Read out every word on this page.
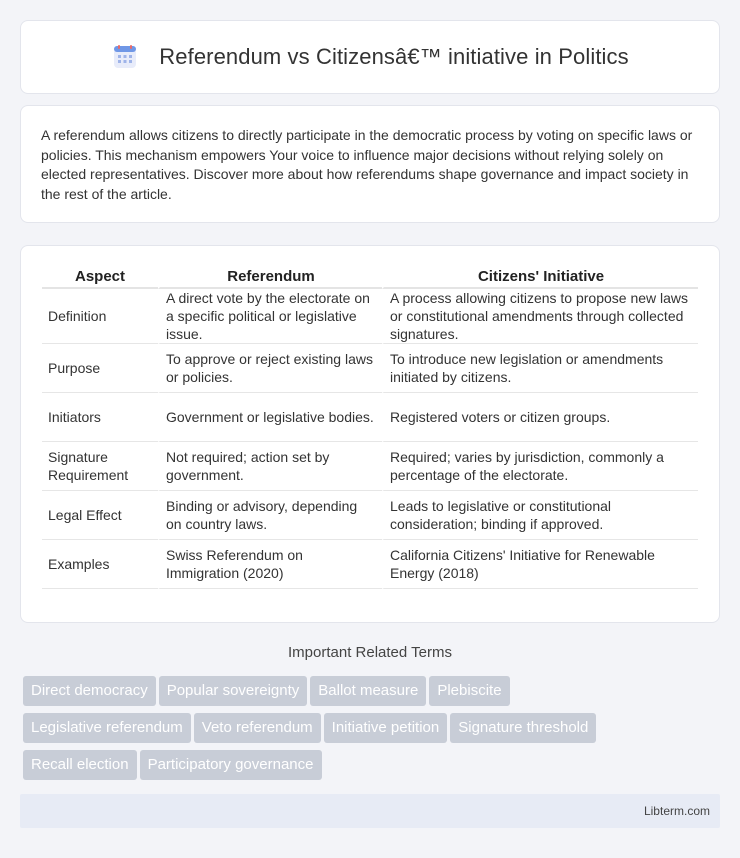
Referendum vs Citizensâ€™ initiative in Politics

A referendum allows citizens to directly participate in the democratic process by voting on specific laws or policies. This mechanism empowers Your voice to influence major decisions without relying solely on elected representatives. Discover more about how referendums shape governance and impact society in the rest of the article.

Aspect	Referendum	Citizens' Initiative
Definition	A direct vote by the electorate on a specific political or legislative issue.	A process allowing citizens to propose new laws or constitutional amendments through collected signatures.
Purpose	To approve or reject existing laws or policies.	To introduce new legislation or amendments initiated by citizens.
Initiators	Government or legislative bodies.	Registered voters or citizen groups.
Signature Requirement	Not required; action set by government.	Required; varies by jurisdiction, commonly a percentage of the electorate.
Legal Effect	Binding or advisory, depending on country laws.	Leads to legislative or constitutional consideration; binding if approved.
Examples	Swiss Referendum on Immigration (2020)	California Citizens' Initiative for Renewable Energy (2018)
Important Related Terms
Direct democracy Popular sovereignty Ballot measure Plebiscite
Legislative referendum Veto referendum Initiative petition Signature threshold
Recall election Participatory governance
Libterm.com
